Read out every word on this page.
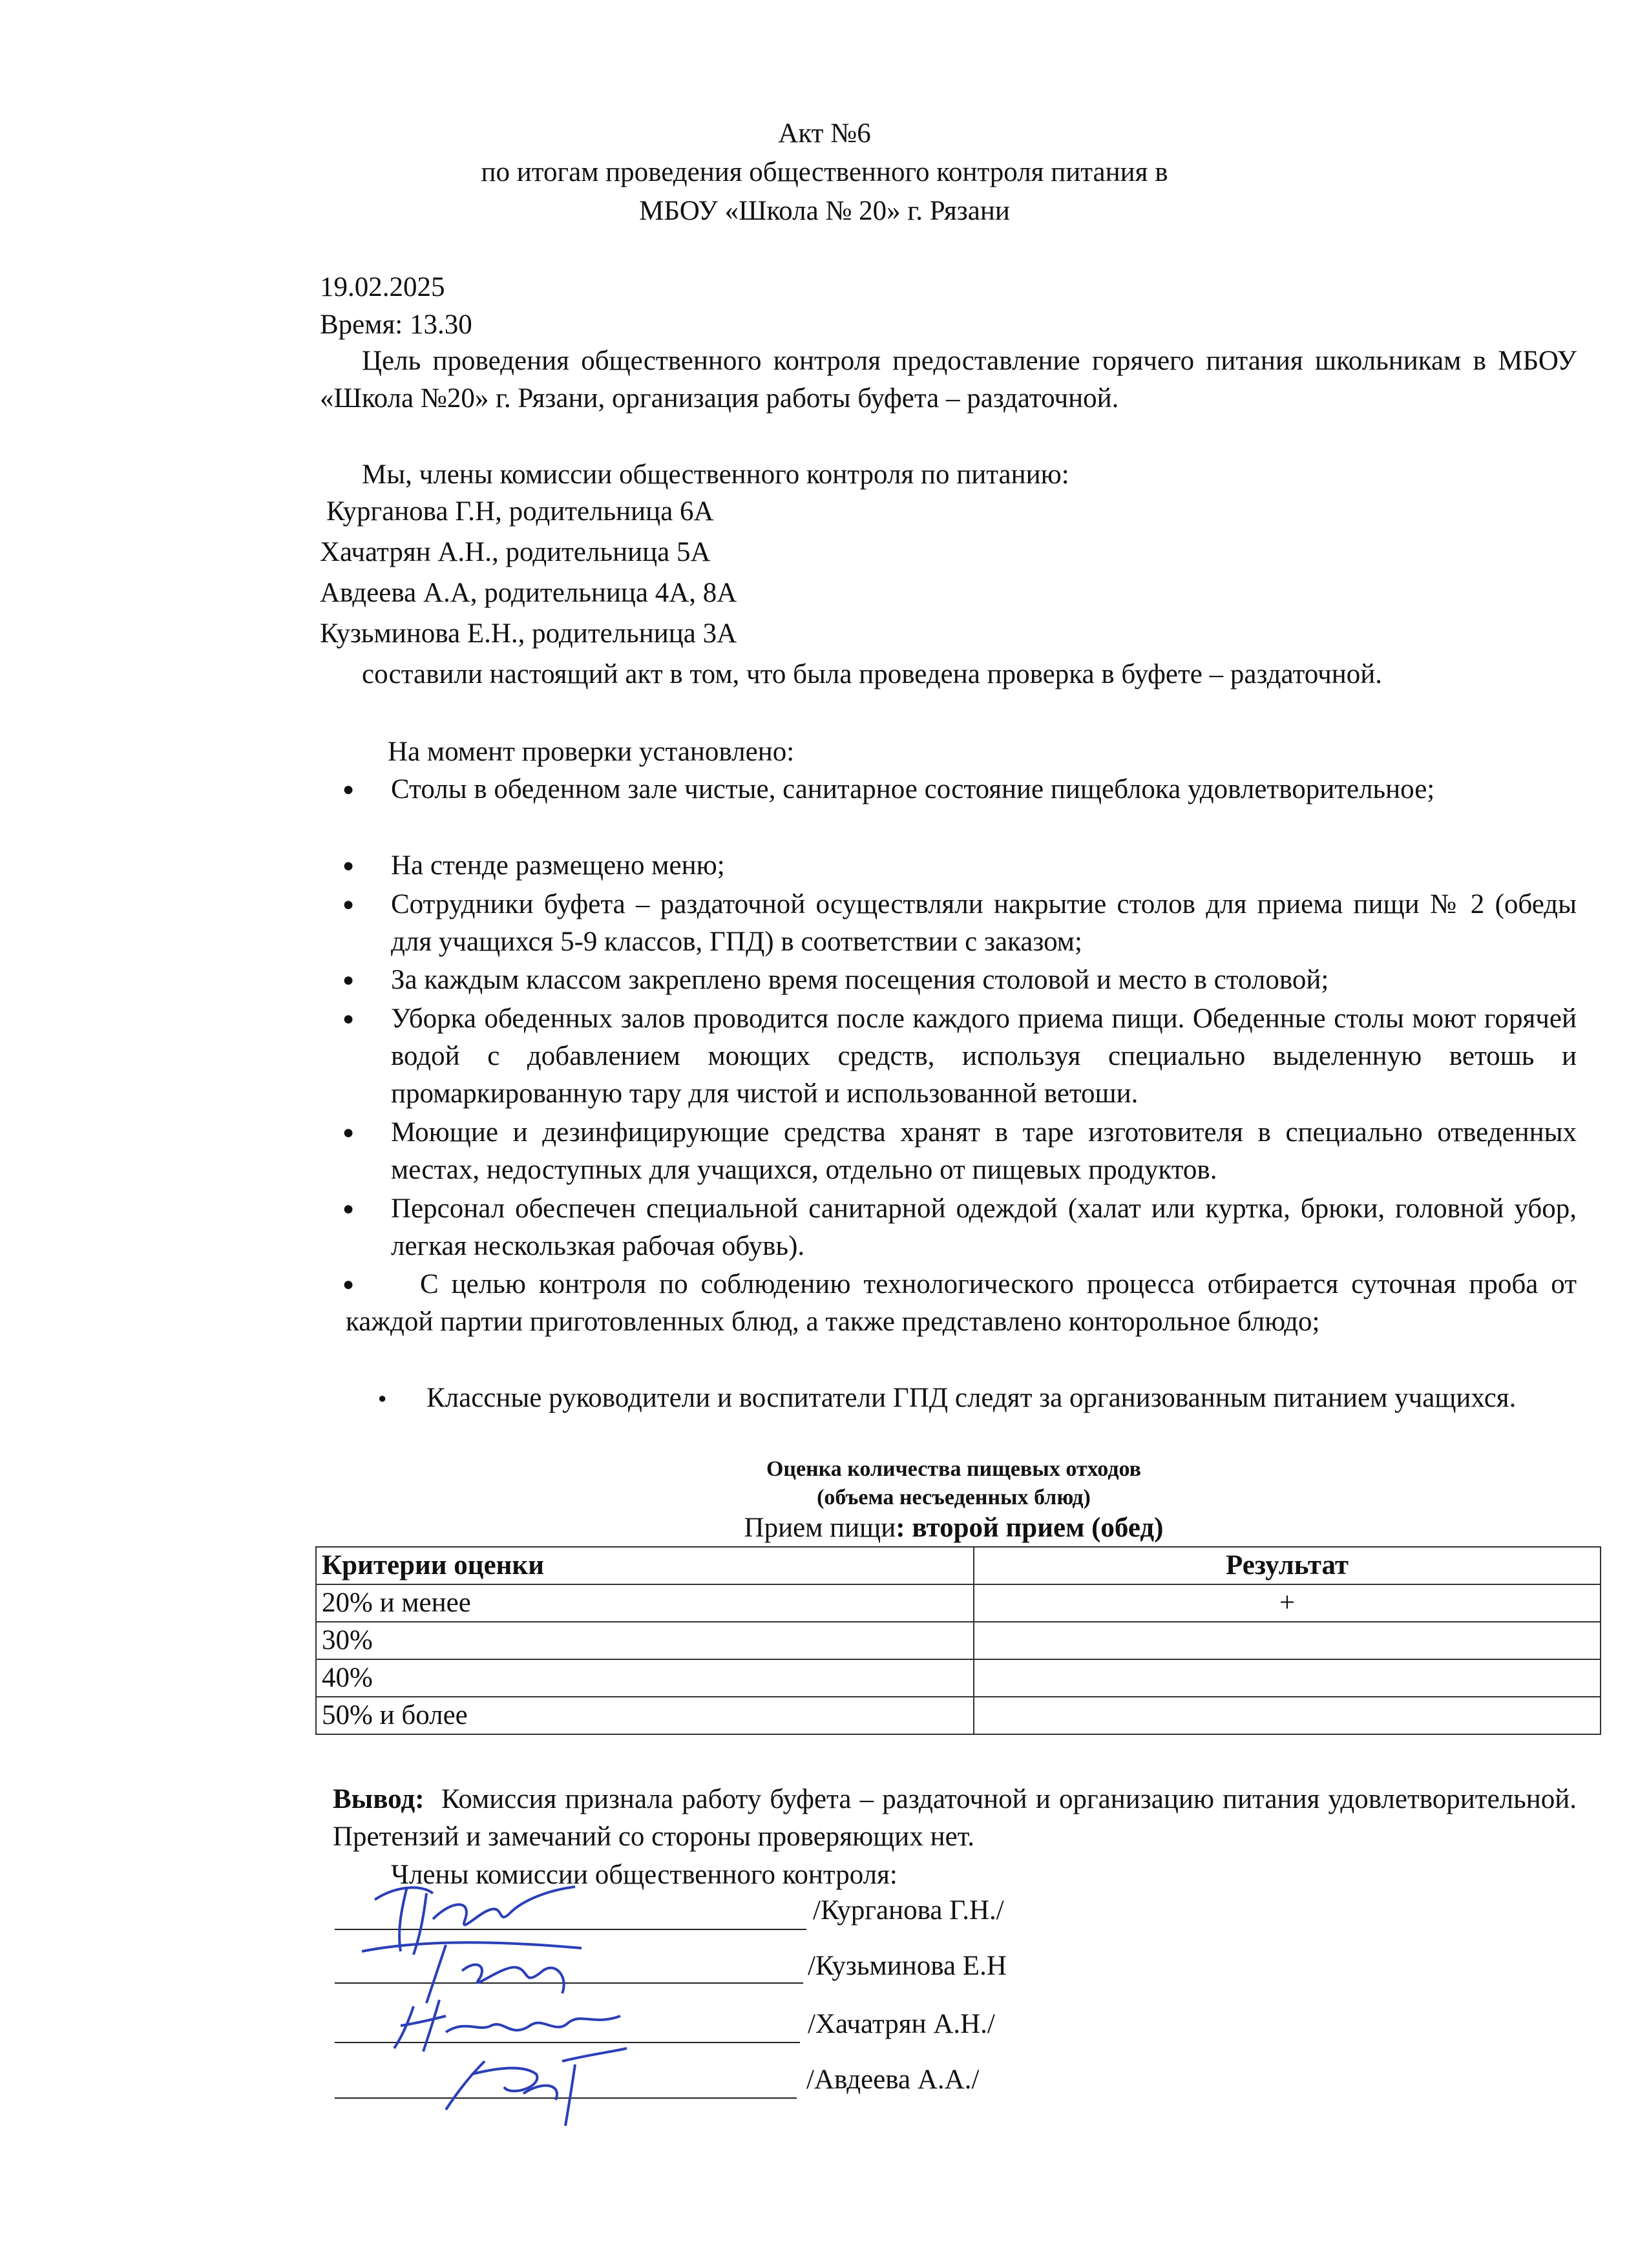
Акт №6
по итогам проведения общественного контроля питания в
МБОУ «Школа № 20» г. Рязани
19.02.2025
Время: 13.30
Цель проведения общественного контроля предоставление горячего питания школьникам в МБОУ «Школа №20» г. Рязани, организация работы буфета – раздаточной.
Мы, члены комиссии общественного контроля по питанию:
Курганова Г.Н, родительница 6А
Хачатрян А.Н., родительница 5А
Авдеева А.А, родительница 4А, 8А
Кузьминова Е.Н., родительница 3А
составили настоящий акт в том, что была проведена проверка в буфете – раздаточной.
На момент проверки установлено:
● Столы в обеденном зале чистые, санитарное состояние пищеблока удовлетворительное;
● На стенде размещено меню;
● Сотрудники буфета – раздаточной осуществляли накрытие столов для приема пищи № 2 (обеды для учащихся 5-9 классов, ГПД) в соответствии с заказом;
● За каждым классом закреплено время посещения столовой и место в столовой;
● Уборка обеденных залов проводится после каждого приема пищи. Обеденные столы моют горячей водой с добавлением моющих средств, используя специально выделенную ветошь и промаркированную тару для чистой и использованной ветоши.
● Моющие и дезинфицирующие средства хранят в таре изготовителя в специально отведенных местах, недоступных для учащихся, отдельно от пищевых продуктов.
● Персонал обеспечен специальной санитарной одеждой (халат или куртка, брюки, головной убор, легкая нескользкая рабочая обувь).
●	С целью контроля по соблюдению технологического процесса отбирается суточная проба от каждой партии приготовленных блюд, а также представлено конторольное блюдо;
● Классные руководители и воспитатели ГПД следят за организованным питанием учащихся.
Оценка количества пищевых отходов
(объема несъеденных блюд)
Прием пищи: второй прием (обед)
Критерии оценки	Результат
20% и менее	+
30%	
40%	
50% и более	
Вывод: Комиссия признала работу буфета – раздаточной и организацию питания удовлетворительной. Претензий и замечаний со стороны проверяющих нет.
Члены комиссии общественного контроля:
/Курганова Г.Н./
/Кузьминова Е.Н
/Хачатрян А.Н./
/Авдеева А.А./
